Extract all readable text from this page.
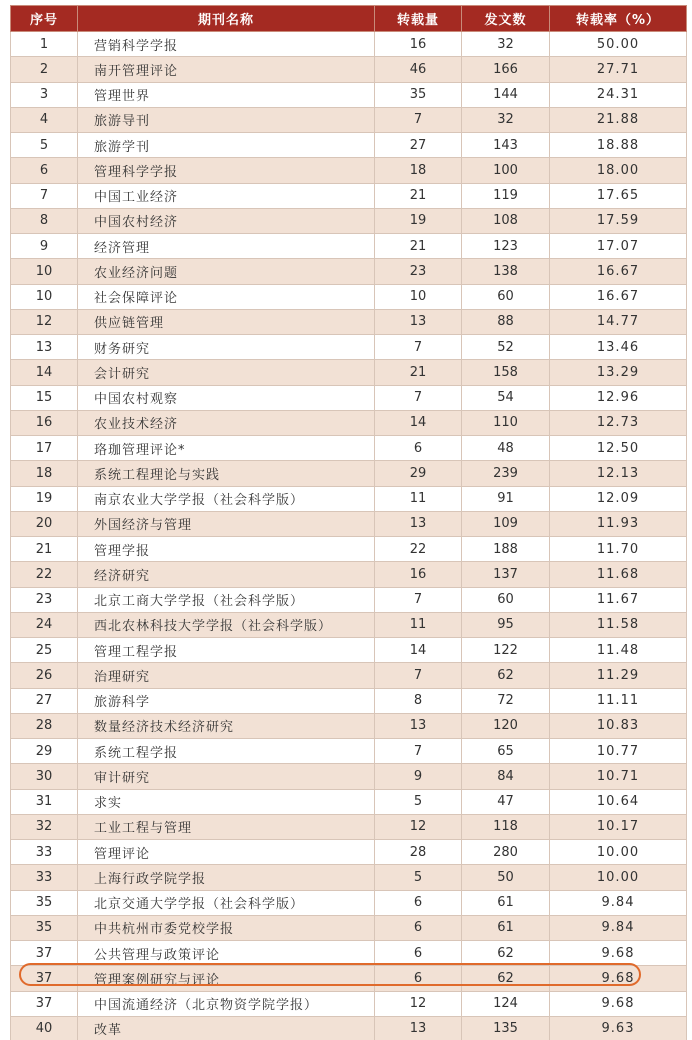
序号	期刊名称	转载量	发文数	转载率（%）
1	营销科学学报	16	32	50.00
2	南开管理评论	46	166	27.71
3	管理世界	35	144	24.31
4	旅游导刊	7	32	21.88
5	旅游学刊	27	143	18.88
6	管理科学学报	18	100	18.00
7	中国工业经济	21	119	17.65
8	中国农村经济	19	108	17.59
9	经济管理	21	123	17.07
10	农业经济问题	23	138	16.67
10	社会保障评论	10	60	16.67
12	供应链管理	13	88	14.77
13	财务研究	7	52	13.46
14	会计研究	21	158	13.29
15	中国农村观察	7	54	12.96
16	农业技术经济	14	110	12.73
17	珞珈管理评论*	6	48	12.50
18	系统工程理论与实践	29	239	12.13
19	南京农业大学学报（社会科学版）	11	91	12.09
20	外国经济与管理	13	109	11.93
21	管理学报	22	188	11.70
22	经济研究	16	137	11.68
23	北京工商大学学报（社会科学版）	7	60	11.67
24	西北农林科技大学学报（社会科学版）	11	95	11.58
25	管理工程学报	14	122	11.48
26	治理研究	7	62	11.29
27	旅游科学	8	72	11.11
28	数量经济技术经济研究	13	120	10.83
29	系统工程学报	7	65	10.77
30	审计研究	9	84	10.71
31	求实	5	47	10.64
32	工业工程与管理	12	118	10.17
33	管理评论	28	280	10.00
33	上海行政学院学报	5	50	10.00
35	北京交通大学学报（社会科学版）	6	61	9.84
35	中共杭州市委党校学报	6	61	9.84
37	公共管理与政策评论	6	62	9.68
37	管理案例研究与评论	6	62	9.68
37	中国流通经济（北京物资学院学报）	12	124	9.68
40	改革	13	135	9.63
